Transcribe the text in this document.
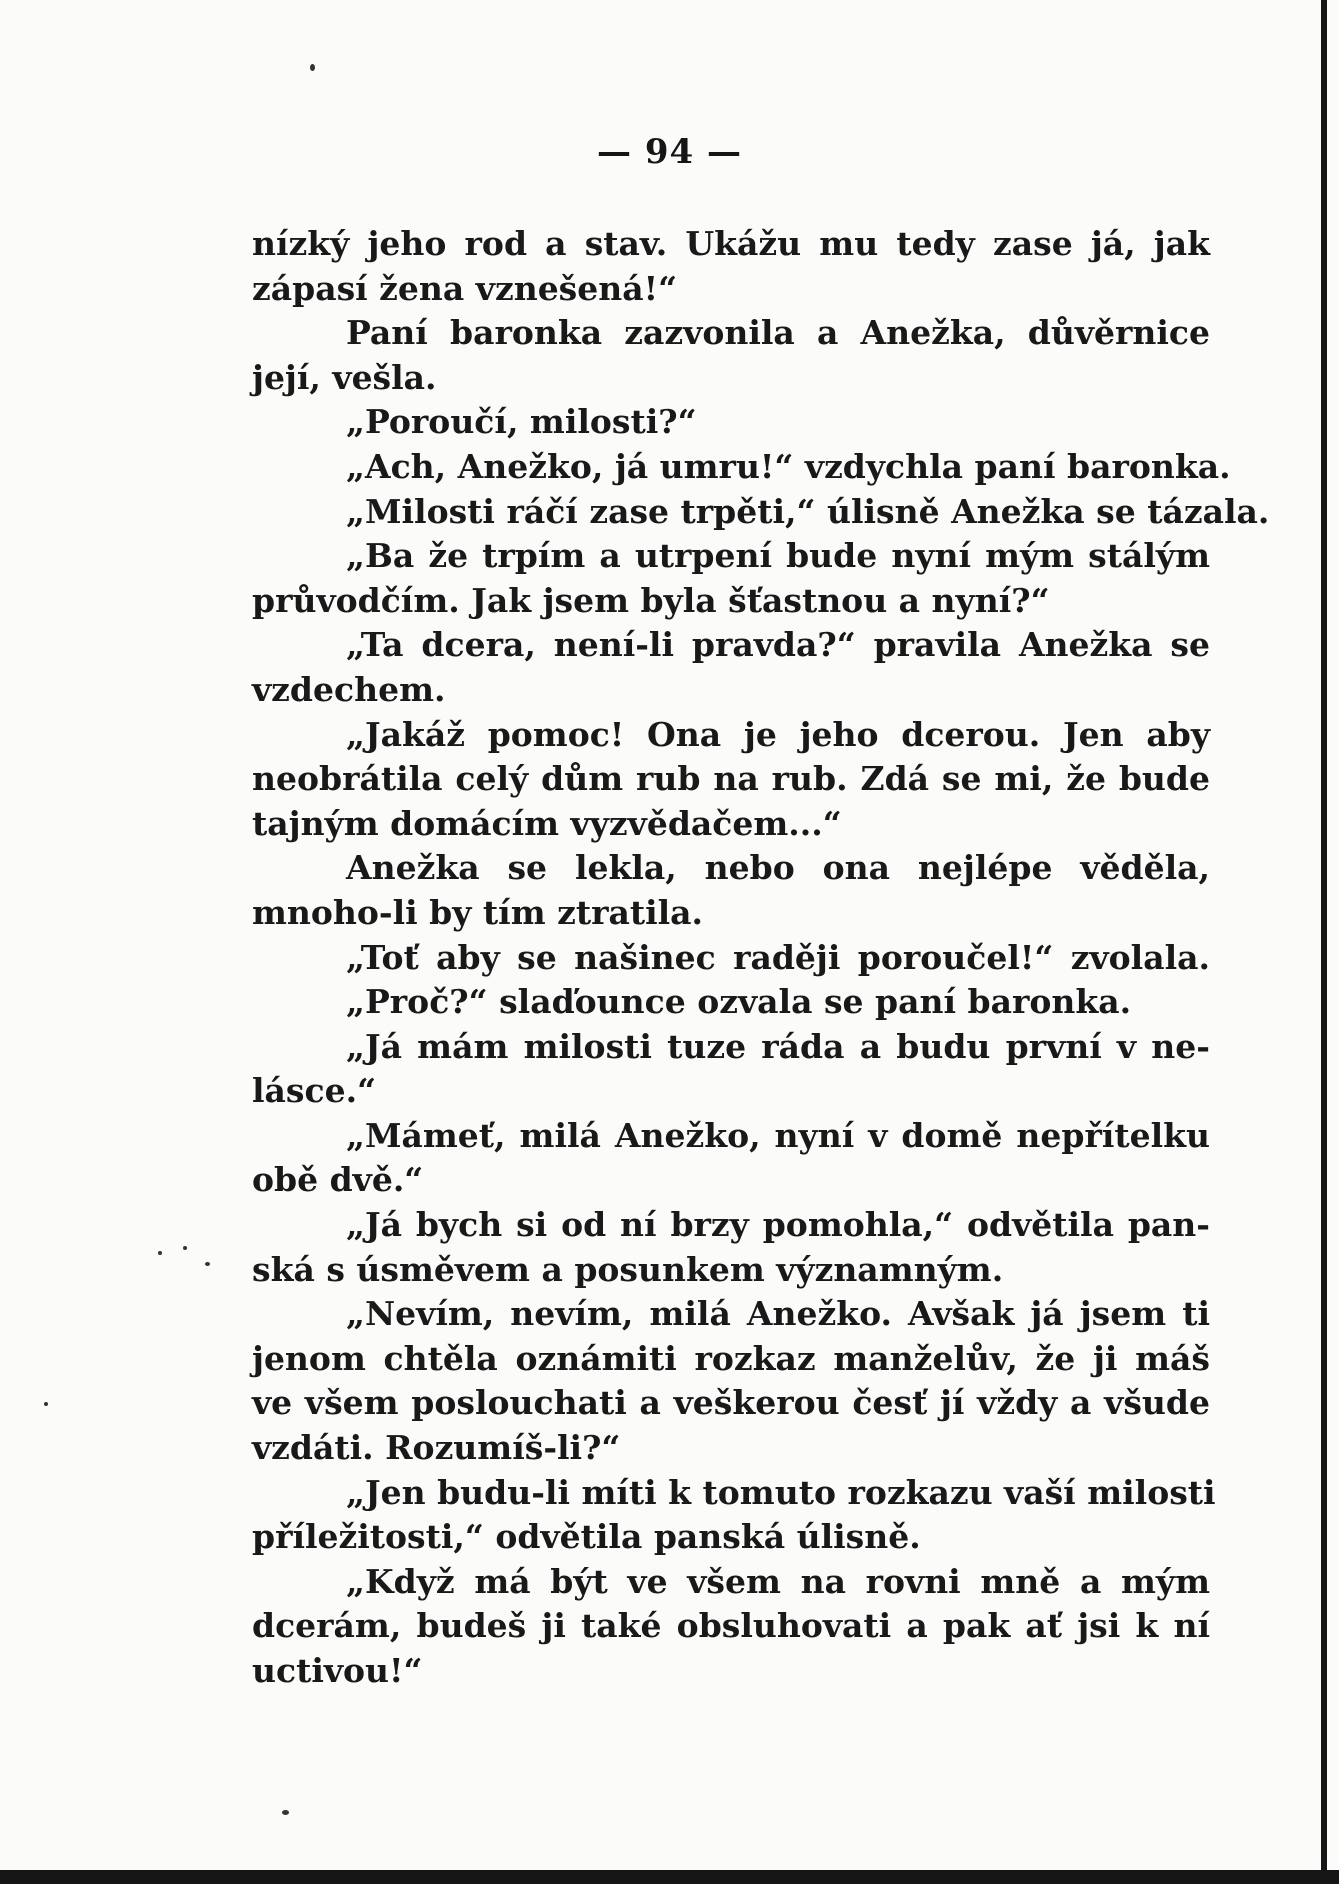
— 94 —
nízký jeho rod a stav. Ukážu mu tedy zase já, jak
zápasí žena vznešená!“
Paní baronka zazvonila a Anežka, důvěrnice
její, vešla.
„Poroučí, milosti?“
„Ach, Anežko, já umru!“ vzdychla paní baronka.
„Milosti ráčí zase trpěti,“ úlisně Anežka se tázala.
„Ba že trpím a utrpení bude nyní mým stálým
průvodčím. Jak jsem byla šťastnou a nyní?“
„Ta dcera, není-li pravda?“ pravila Anežka se
vzdechem.
„Jakáž pomoc! Ona je jeho dcerou. Jen aby
neobrátila celý dům rub na rub. Zdá se mi, že bude
tajným domácím vyzvědačem...“
Anežka se lekla, nebo ona nejlépe věděla,
mnoho-li by tím ztratila.
„Toť aby se našinec raději poroučel!“ zvolala.
„Proč?“ slaďounce ozvala se paní baronka.
„Já mám milosti tuze ráda a budu první v ne-
lásce.“
„Mámeť, milá Anežko, nyní v domě nepřítelku
obě dvě.“
„Já bych si od ní brzy pomohla,“ odvětila pan-
ská s úsměvem a posunkem významným.
„Nevím, nevím, milá Anežko. Avšak já jsem ti
jenom chtěla oznámiti rozkaz manželův, že ji máš
ve všem poslouchati a veškerou česť jí vždy a všude
vzdáti. Rozumíš-li?“
„Jen budu-li míti k tomuto rozkazu vaší milosti
příležitosti,“ odvětila panská úlisně.
„Když má být ve všem na rovni mně a mým
dcerám, budeš ji také obsluhovati a pak ať jsi k ní
uctivou!“
